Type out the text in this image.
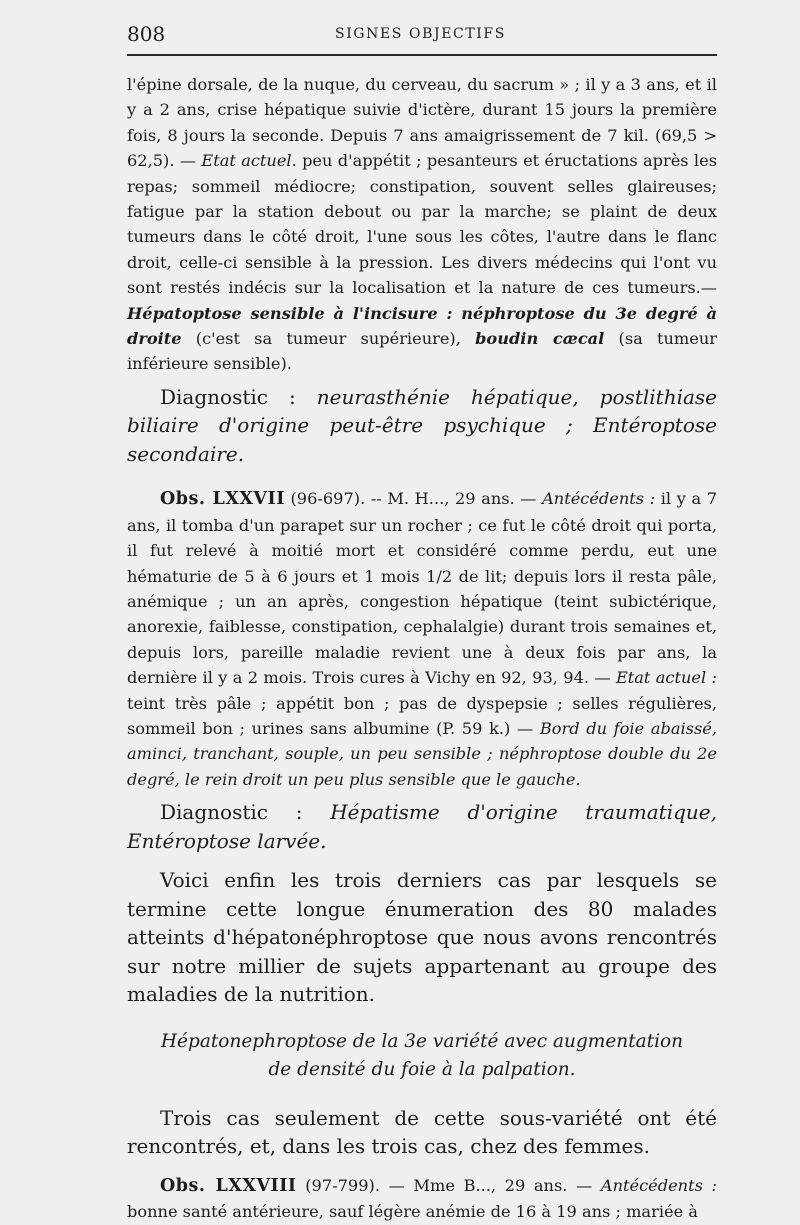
808	SIGNES OBJECTIFS

l'épine dorsale, de la nuque, du cerveau, du sacrum » ; il y a 3 ans, et il y a 2 ans, crise hépatique suivie d'ictère, durant 15 jours la première fois, 8 jours la seconde. Depuis 7 ans amaigrissement de 7 kil. (69,5 > 62,5). — Etat actuel. peu d'appétit ; pesanteurs et éructations après les repas; sommeil médiocre; constipation, souvent selles glaireuses; fatigue par la station debout ou par la marche; se plaint de deux tumeurs dans le côté droit, l'une sous les côtes, l'autre dans le flanc droit, celle-ci sensible à la pression. Les divers médecins qui l'ont vu sont restés indécis sur la localisation et la nature de ces tumeurs.— Hépatoptose sensible à l'incisure : néphroptose du 3e degré à droite (c'est sa tumeur supérieure), boudin cæcal (sa tumeur inférieure sensible).

Diagnostic : neurasthénie hépatique, postlithiase biliaire d'origine peut-être psychique ; Entéroptose secondaire.

Obs. LXXVII (96-697). -- M. H..., 29 ans. — Antécédents : il y a 7 ans, il tomba d'un parapet sur un rocher ; ce fut le côté droit qui porta, il fut relevé à moitié mort et considéré comme perdu, eut une hématurie de 5 à 6 jours et 1 mois 1/2 de lit; depuis lors il resta pâle, anémique ; un an après, congestion hépatique (teint subictérique, anorexie, faiblesse, constipation, cephalalgie) durant trois semaines et, depuis lors, pareille maladie revient une à deux fois par ans, la dernière il y a 2 mois. Trois cures à Vichy en 92, 93, 94. — Etat actuel : teint très pâle ; appétit bon ; pas de dyspepsie ; selles régulières, sommeil bon ; urines sans albumine (P. 59 k.) — Bord du foie abaissé, aminci, tranchant, souple, un peu sensible ; néphroptose double du 2e degré, le rein droit un peu plus sensible que le gauche.

Diagnostic : Hépatisme d'origine traumatique, Entéroptose larvée.

Voici enfin les trois derniers cas par lesquels se termine cette longue énumeration des 80 malades atteints d'hépatonéphroptose que nous avons rencontrés sur notre millier de sujets appartenant au groupe des maladies de la nutrition.

Hépatonephroptose de la 3e variété avec augmentation de densité du foie à la palpation.

Trois cas seulement de cette sous-variété ont été rencontrés, et, dans les trois cas, chez des femmes.

Obs. LXXVIII (97-799). — Mme B..., 29 ans. — Antécédents : bonne santé antérieure, sauf légère anémie de 16 à 19 ans ; mariée à
